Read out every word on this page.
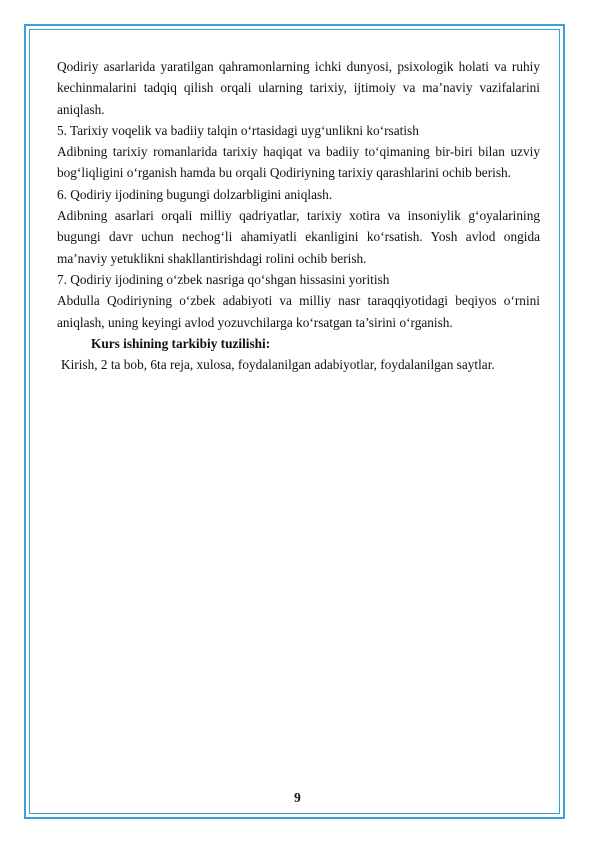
Qodiriy asarlarida yaratilgan qahramonlarning ichki dunyosi, psixologik holati va ruhiy kechinmalarini tadqiq qilish orqali ularning tarixiy, ijtimoiy va ma’naviy vazifalarini aniqlash.

5. Tarixiy voqelik va badiiy talqin o‘rtasidagi uyg‘unlikni ko‘rsatish

Adibning tarixiy romanlarida tarixiy haqiqat va badiiy to‘qimaning bir-biri bilan uzviy bog‘liqligini o‘rganish hamda bu orqali Qodiriyning tarixiy qarashlarini ochib berish.

6. Qodiriy ijodining bugungi dolzarbligini aniqlash.

Adibning asarlari orqali milliy qadriyatlar, tarixiy xotira va insoniylik g‘oyalarining bugungi davr uchun nechog‘li ahamiyatli ekanligini ko‘rsatish. Yosh avlod ongida ma’naviy yetuklikni shakllantirishdagi rolini ochib berish.

7. Qodiriy ijodining o‘zbek nasriga qo‘shgan hissasini yoritish

Abdulla Qodiriyning o‘zbek adabiyoti va milliy nasr taraqqiyotidagi beqiyos o‘rnini aniqlash, uning keyingi avlod yozuvchilarga ko‘rsatgan ta’sirini o‘rganish.

Kurs ishining tarkibiy tuzilishi:

Kirish, 2 ta bob, 6ta reja, xulosa, foydalanilgan adabiyotlar, foydalanilgan saytlar.

9
